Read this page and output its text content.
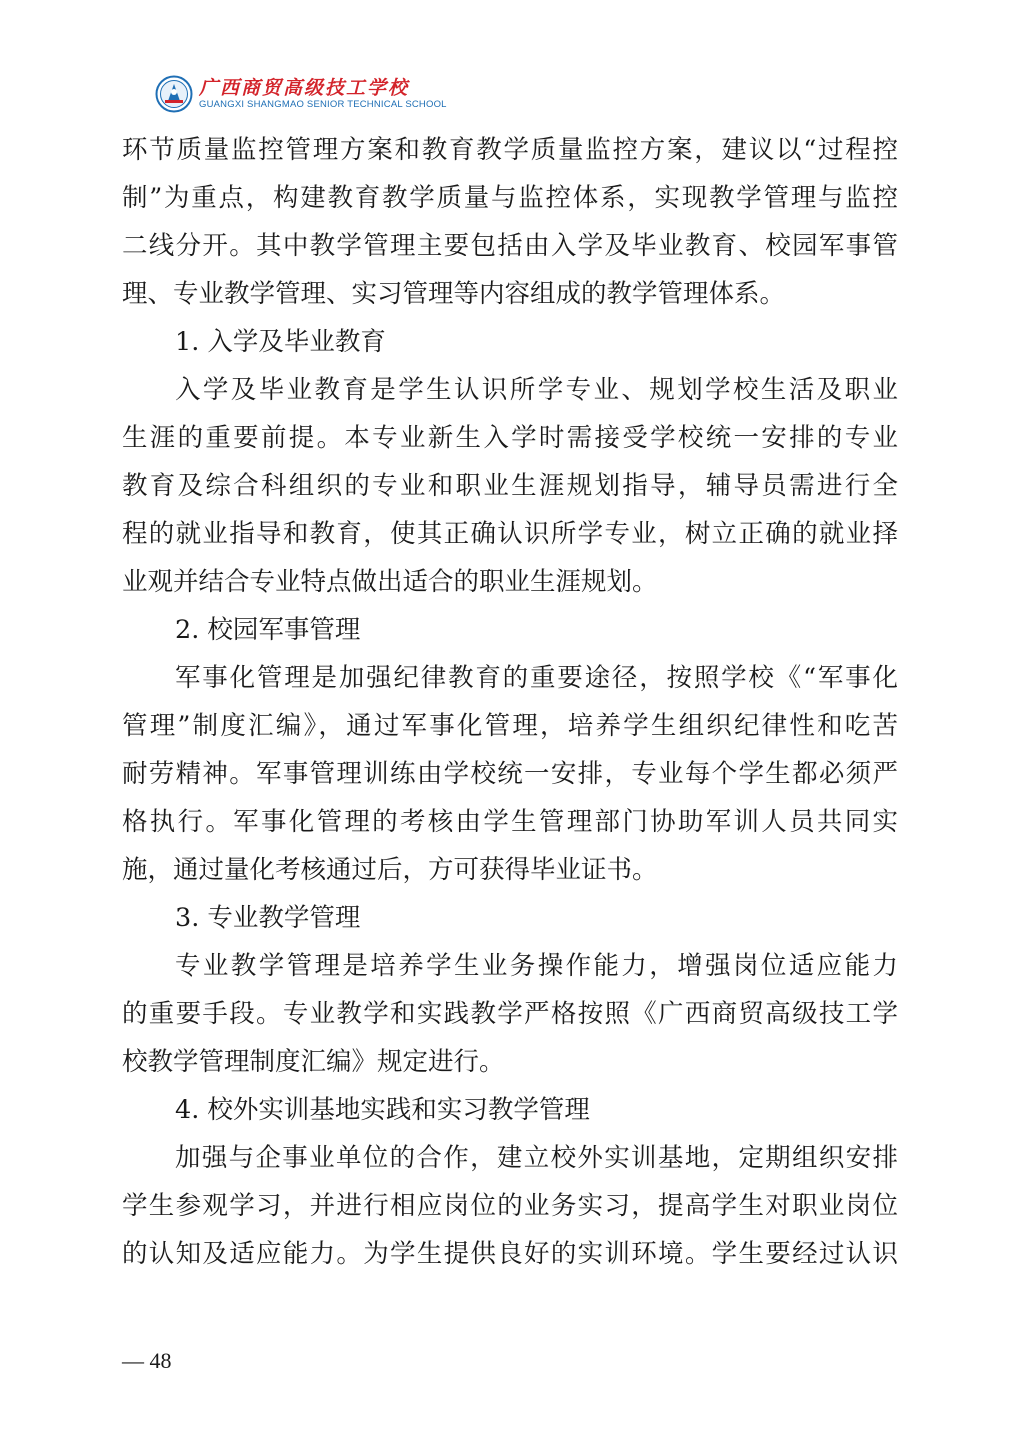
广西商贸高级技工学校
GUANGXI SHANGMAO SENIOR TECHNICAL SCHOOL
环节质量监控管理方案和教育教学质量监控方案，建议以“过程控
制”为重点，构建教育教学质量与监控体系，实现教学管理与监控
二线分开。其中教学管理主要包括由入学及毕业教育、校园军事管
理、专业教学管理、实习管理等内容组成的教学管理体系。
1. 入学及毕业教育
入学及毕业教育是学生认识所学专业、规划学校生活及职业
生涯的重要前提。本专业新生入学时需接受学校统一安排的专业
教育及综合科组织的专业和职业生涯规划指导，辅导员需进行全
程的就业指导和教育，使其正确认识所学专业，树立正确的就业择
业观并结合专业特点做出适合的职业生涯规划。
2. 校园军事管理
军事化管理是加强纪律教育的重要途径，按照学校《“军事化
管理”制度汇编》，通过军事化管理，培养学生组织纪律性和吃苦
耐劳精神。军事管理训练由学校统一安排，专业每个学生都必须严
格执行。军事化管理的考核由学生管理部门协助军训人员共同实
施，通过量化考核通过后，方可获得毕业证书。
3. 专业教学管理
专业教学管理是培养学生业务操作能力，增强岗位适应能力
的重要手段。专业教学和实践教学严格按照《广西商贸高级技工学
校教学管理制度汇编》规定进行。
4. 校外实训基地实践和实习教学管理
加强与企事业单位的合作，建立校外实训基地，定期组织安排
学生参观学习，并进行相应岗位的业务实习，提高学生对职业岗位
的认知及适应能力。为学生提供良好的实训环境。学生要经过认识
— 48
